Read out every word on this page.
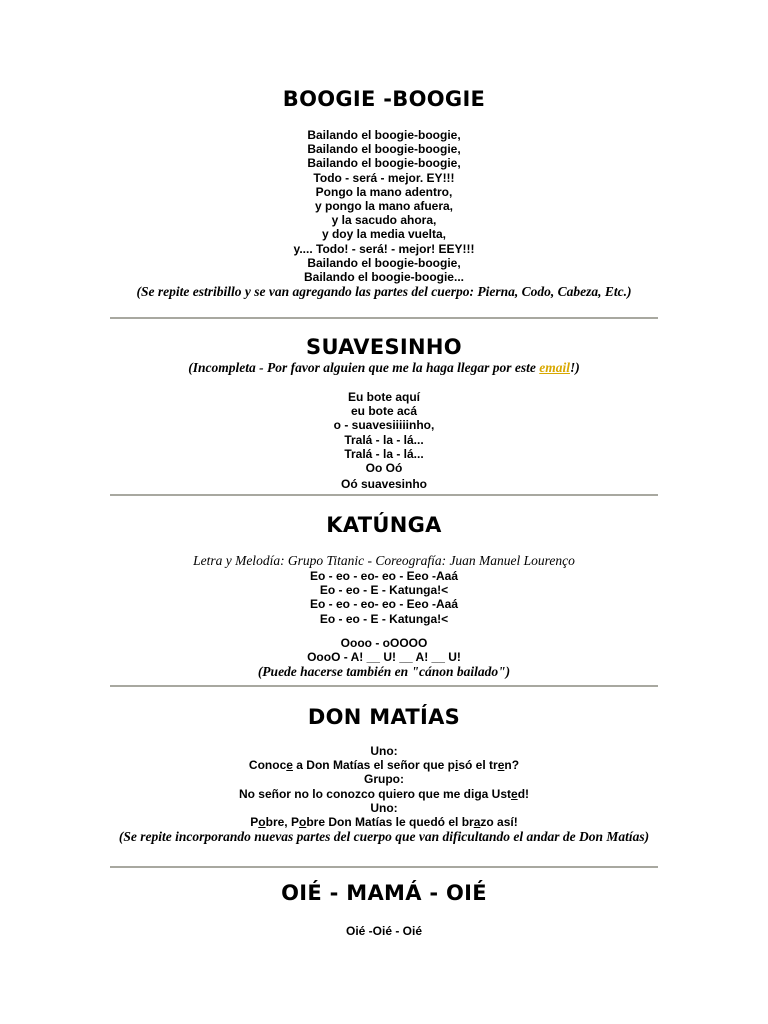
BOOGIE -BOOGIE
Bailando el boogie-boogie,
Bailando el boogie-boogie,
Bailando el boogie-boogie,
Todo - será - mejor. EY!!!
Pongo la mano adentro,
y pongo la mano afuera,
y la sacudo ahora,
y doy la media vuelta,
y.... Todo! - será! - mejor! EEY!!!
Bailando el boogie-boogie,
Bailando el boogie-boogie...
(Se repite estribillo y se van agregando las partes del cuerpo: Pierna, Codo, Cabeza, Etc.)
SUAVESINHO
(Incompleta - Por favor alguien que me la haga llegar por este email!)
Eu bote aquí
eu bote acá
o - suavesiiiiinho,
Tralá - la - lá...
Tralá - la - lá...
Oo Oó
Oó suavesinho
KATÚNGA
Letra y Melodía: Grupo Titanic - Coreografía: Juan Manuel Lourenço
Eo - eo - eo- eo - Eeo -Aaá
Eo - eo - E - Katunga!<
Eo - eo - eo- eo - Eeo -Aaá
Eo - eo - E - Katunga!<
Oooo - oOOOO
OooO - A! __ U! __ A! __ U!
(Puede hacerse también en "cánon bailado")
DON MATÍAS
Uno:
Conoce a Don Matías el señor que pisó el tren?
Grupo:
No señor no lo conozco quiero que me diga Usted!
Uno:
Pobre, Pobre Don Matías le quedó el brazo así!
(Se repite incorporando nuevas partes del cuerpo que van dificultando el andar de Don Matías)
OIÉ - MAMÁ - OIÉ
Oié -Oié - Oié
